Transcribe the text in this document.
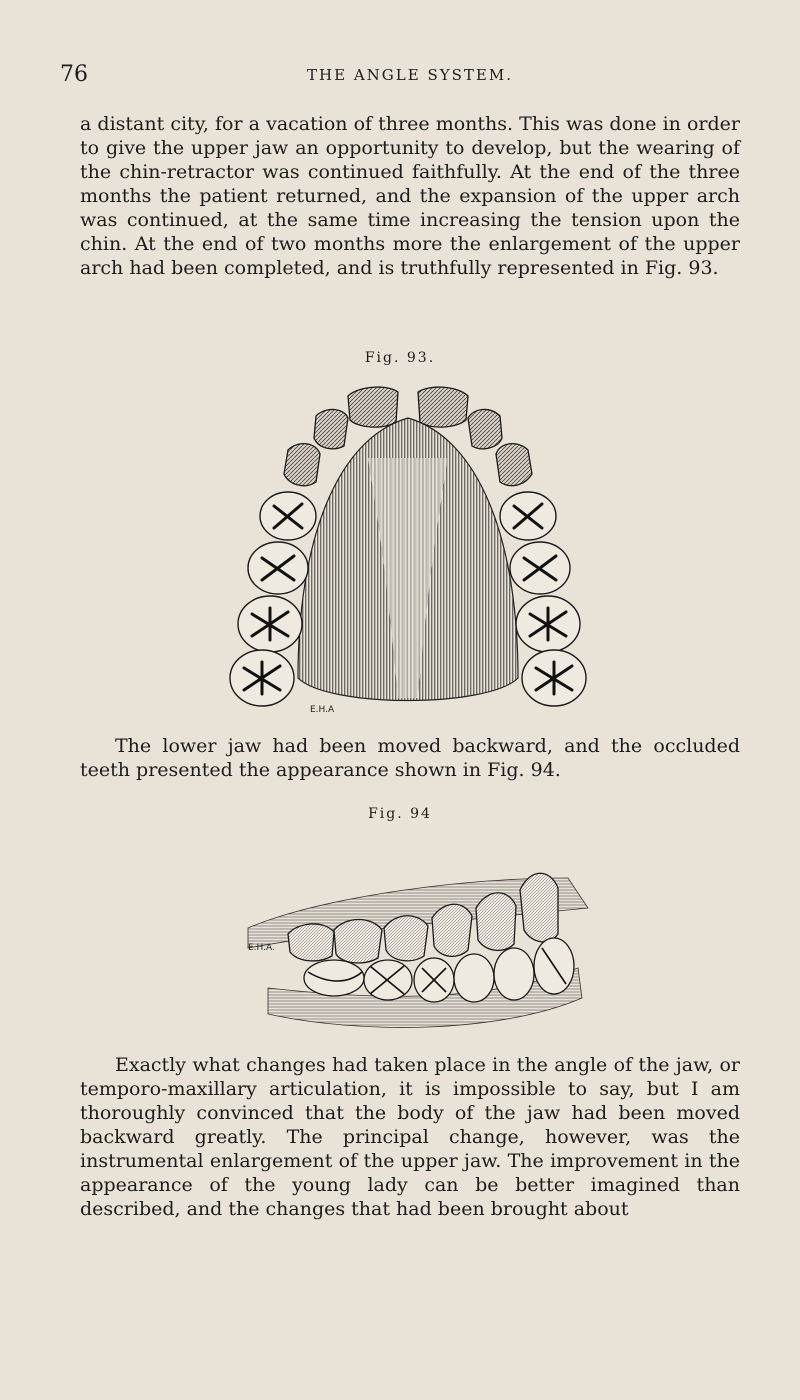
76	THE ANGLE SYSTEM.

a distant city, for a vacation of three months. This was done in order to give the upper jaw an opportunity to develop, but the wearing of the chin-retractor was continued faithfully. At the end of the three months the patient returned, and the expansion of the upper arch was continued, at the same time increasing the tension upon the chin. At the end of two months more the enlargement of the upper arch had been completed, and is truthfully represented in Fig. 93.

Fig. 93.
E.H.A

The lower jaw had been moved backward, and the occluded teeth presented the appearance shown in Fig. 94.

Fig. 94
E.H.A.

Exactly what changes had taken place in the angle of the jaw, or temporo-maxillary articulation, it is impossible to say, but I am thoroughly convinced that the body of the jaw had been moved backward greatly. The principal change, however, was the instrumental enlargement of the upper jaw. The improvement in the appearance of the young lady can be better imagined than described, and the changes that had been brought about
